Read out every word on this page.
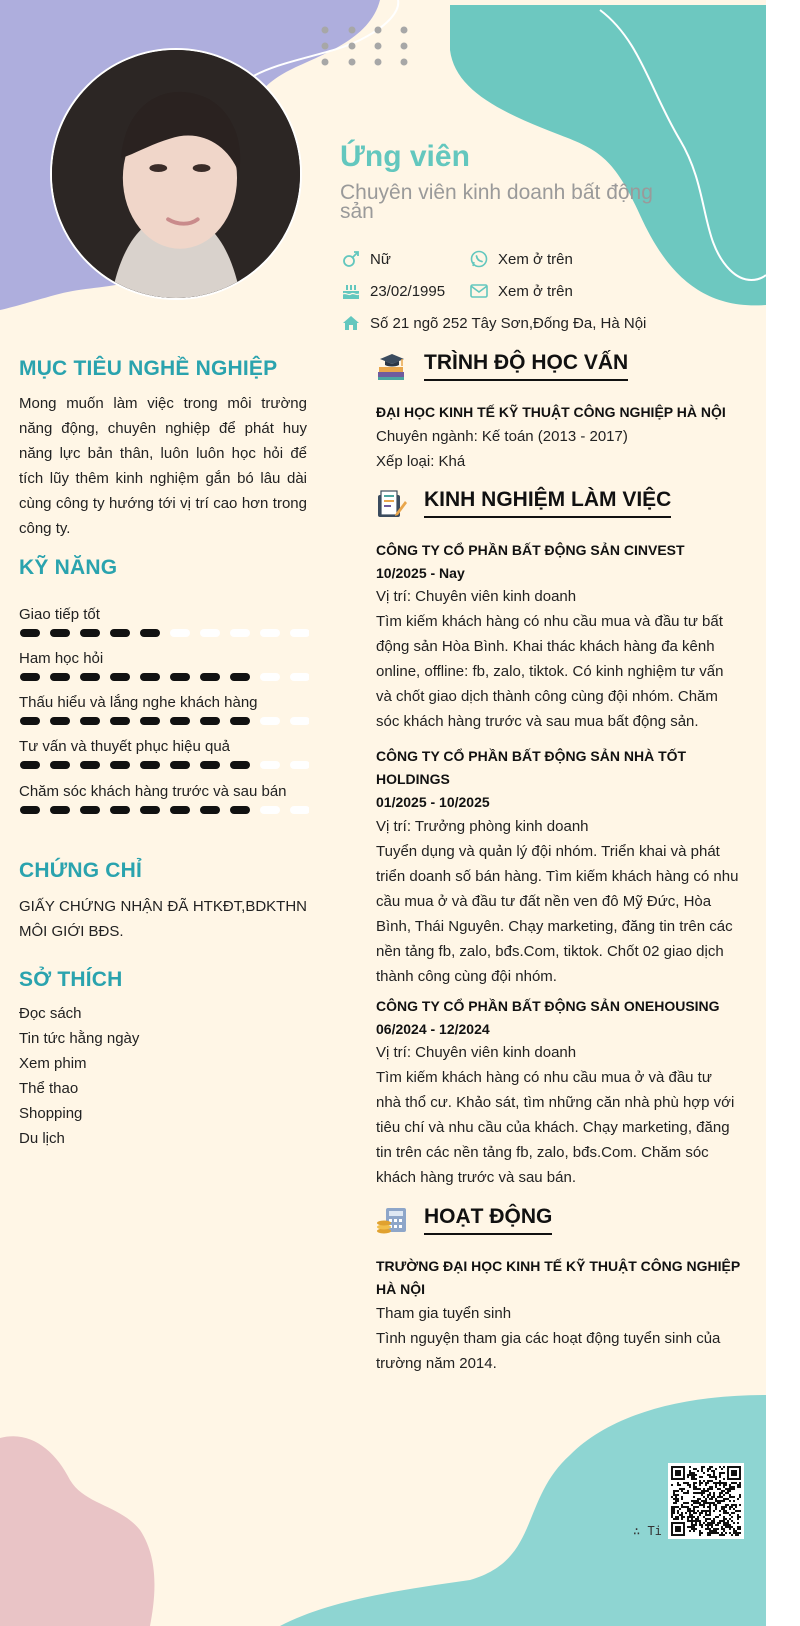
Ứng viên
Chuyên viên kinh doanh bất động sản
Nữ	Xem ở trên
23/02/1995	Xem ở trên
Số 21 ngõ 252 Tây Sơn,Đống Đa, Hà Nội
MỤC TIÊU NGHỀ NGHIỆP
Mong muốn làm việc trong môi trường năng động, chuyên nghiệp để phát huy năng lực bản thân, luôn luôn học hỏi để tích lũy thêm kinh nghiệm gắn bó lâu dài cùng công ty hướng tới vị trí cao hơn trong công ty.
KỸ NĂNG
Giao tiếp tốt
Ham học hỏi
Thấu hiểu và lắng nghe khách hàng
Tư vấn và thuyết phục hiệu quả
Chăm sóc khách hàng trước và sau bán
CHỨNG CHỈ
GIẤY CHỨNG NHẬN ĐÃ HTKĐT,BDKTHN MÔI GIỚI BĐS.
SỞ THÍCH
Đọc sách
Tin tức hằng ngày
Xem phim
Thể thao
Shopping
Du lịch
TRÌNH ĐỘ HỌC VẤN
ĐẠI HỌC KINH TẾ KỸ THUẬT CÔNG NGHIỆP HÀ NỘI
Chuyên ngành: Kế toán (2013 - 2017)
Xếp loại: Khá
KINH NGHIỆM LÀM VIỆC
CÔNG TY CỔ PHẦN BẤT ĐỘNG SẢN CINVEST
10/2025 - Nay
Vị trí: Chuyên viên kinh doanh
Tìm kiếm khách hàng có nhu cầu mua và đầu tư bất động sản Hòa Bình. Khai thác khách hàng đa kênh online, offline: fb, zalo, tiktok. Có kinh nghiệm tư vấn và chốt giao dịch thành công cùng đội nhóm. Chăm sóc khách hàng trước và sau mua bất động sản.
CÔNG TY CỔ PHẦN BẤT ĐỘNG SẢN NHÀ TỐT HOLDINGS
01/2025 - 10/2025
Vị trí: Trưởng phòng kinh doanh
Tuyển dụng và quản lý đội nhóm. Triển khai và phát triển doanh số bán hàng. Tìm kiếm khách hàng có nhu cầu mua ở và đầu tư đất nền ven đô Mỹ Đức, Hòa Bình, Thái Nguyên. Chạy marketing, đăng tin trên các nền tảng fb, zalo, bđs.Com, tiktok. Chốt 02 giao dịch thành công cùng đội nhóm.
CÔNG TY CỔ PHẦN BẤT ĐỘNG SẢN ONEHOUSING
06/2024 - 12/2024
Vị trí: Chuyên viên kinh doanh
Tìm kiếm khách hàng có nhu cầu mua ở và đầu tư nhà thổ cư. Khảo sát, tìm những căn nhà phù hợp với tiêu chí và nhu cầu của khách. Chạy marketing, đăng tin trên các nền tảng fb, zalo, bđs.Com. Chăm sóc khách hàng trước và sau bán.
HOẠT ĐỘNG
TRƯỜNG ĐẠI HỌC KINH TẾ KỸ THUẬT CÔNG NGHIỆP HÀ NỘI
Tham gia tuyển sinh
Tình nguyện tham gia các hoạt động tuyển sinh của trường năm 2014.
∴ Ti
